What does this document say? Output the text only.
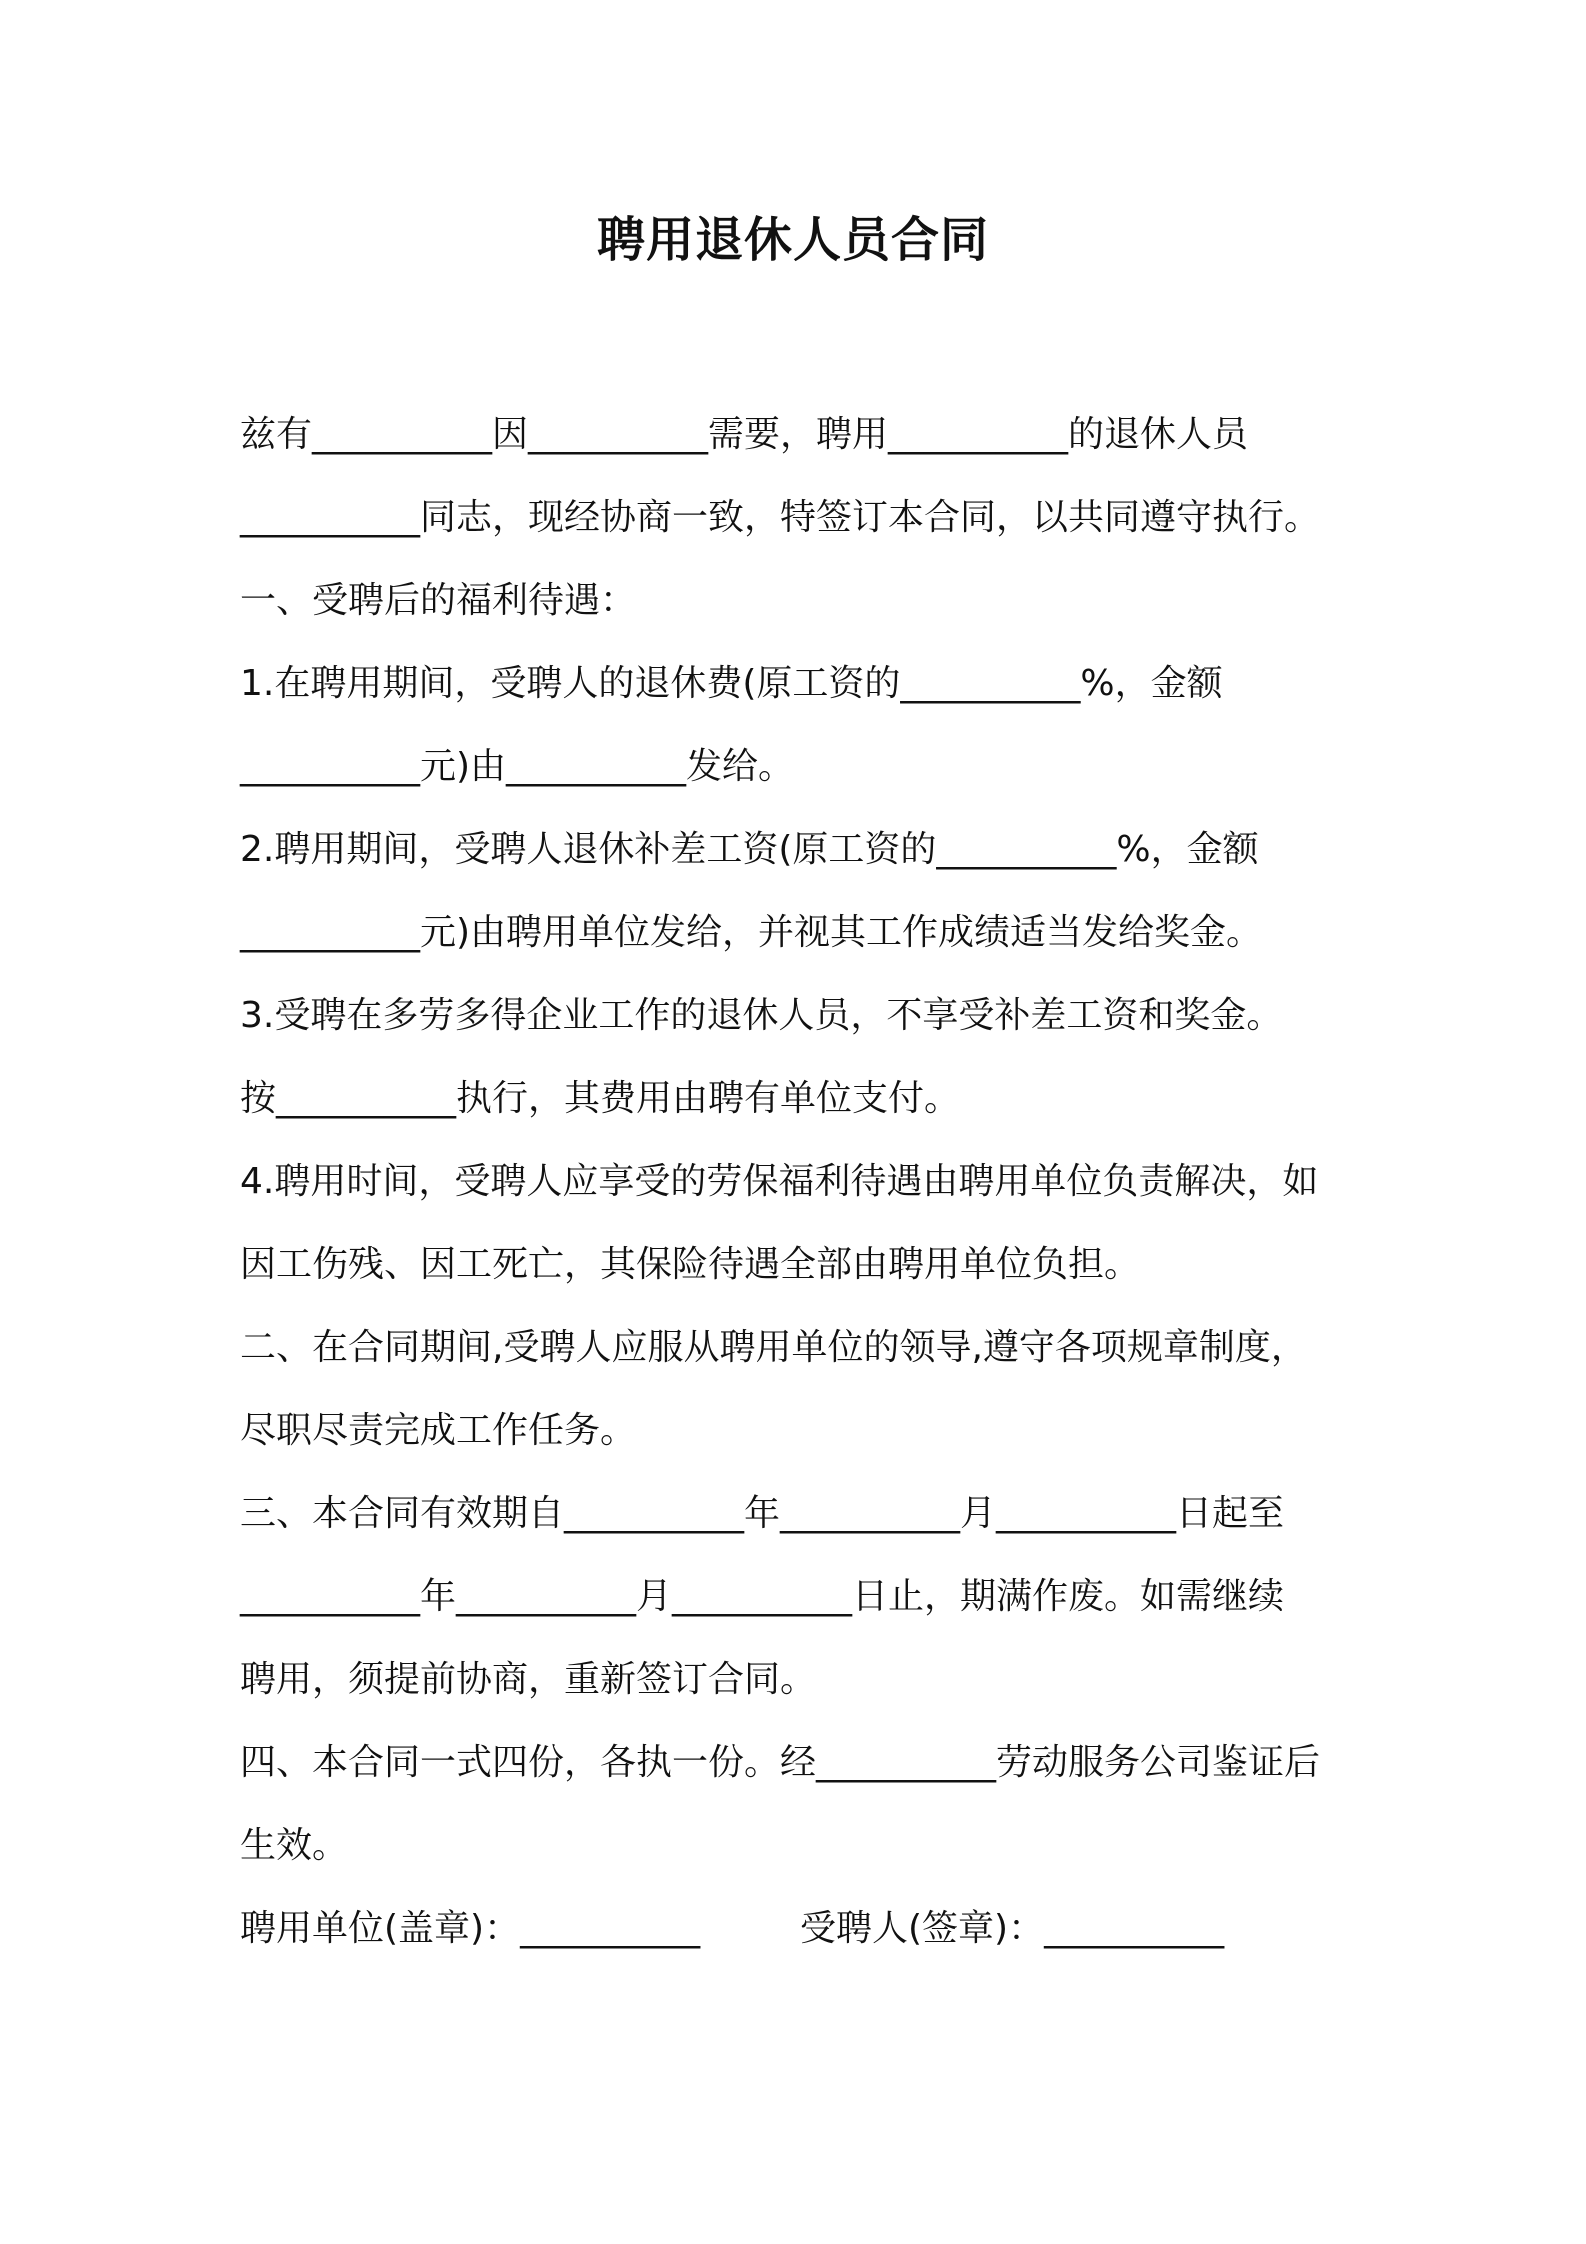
聘用退休人员合同
兹有__________因__________需要，聘用__________的退休人员
__________同志，现经协商一致，特签订本合同，以共同遵守执行。
一、受聘后的福利待遇：
1.在聘用期间，受聘人的退休费(原工资的__________%，金额
__________元)由__________发给。
2.聘用期间，受聘人退休补差工资(原工资的__________%，金额
__________元)由聘用单位发给，并视其工作成绩适当发给奖金。
3.受聘在多劳多得企业工作的退休人员，不享受补差工资和奖金。
按__________执行，其费用由聘有单位支付。
4.聘用时间，受聘人应享受的劳保福利待遇由聘用单位负责解决，如
因工伤残、因工死亡，其保险待遇全部由聘用单位负担。
二、在合同期间,受聘人应服从聘用单位的领导,遵守各项规章制度，
尽职尽责完成工作任务。
三、本合同有效期自__________年__________月__________日起至
__________年__________月__________日止，期满作废。如需继续
聘用，须提前协商，重新签订合同。
四、本合同一式四份，各执一份。经__________劳动服务公司鉴证后
生效。
聘用单位(盖章)：__________	受聘人(签章)：__________
